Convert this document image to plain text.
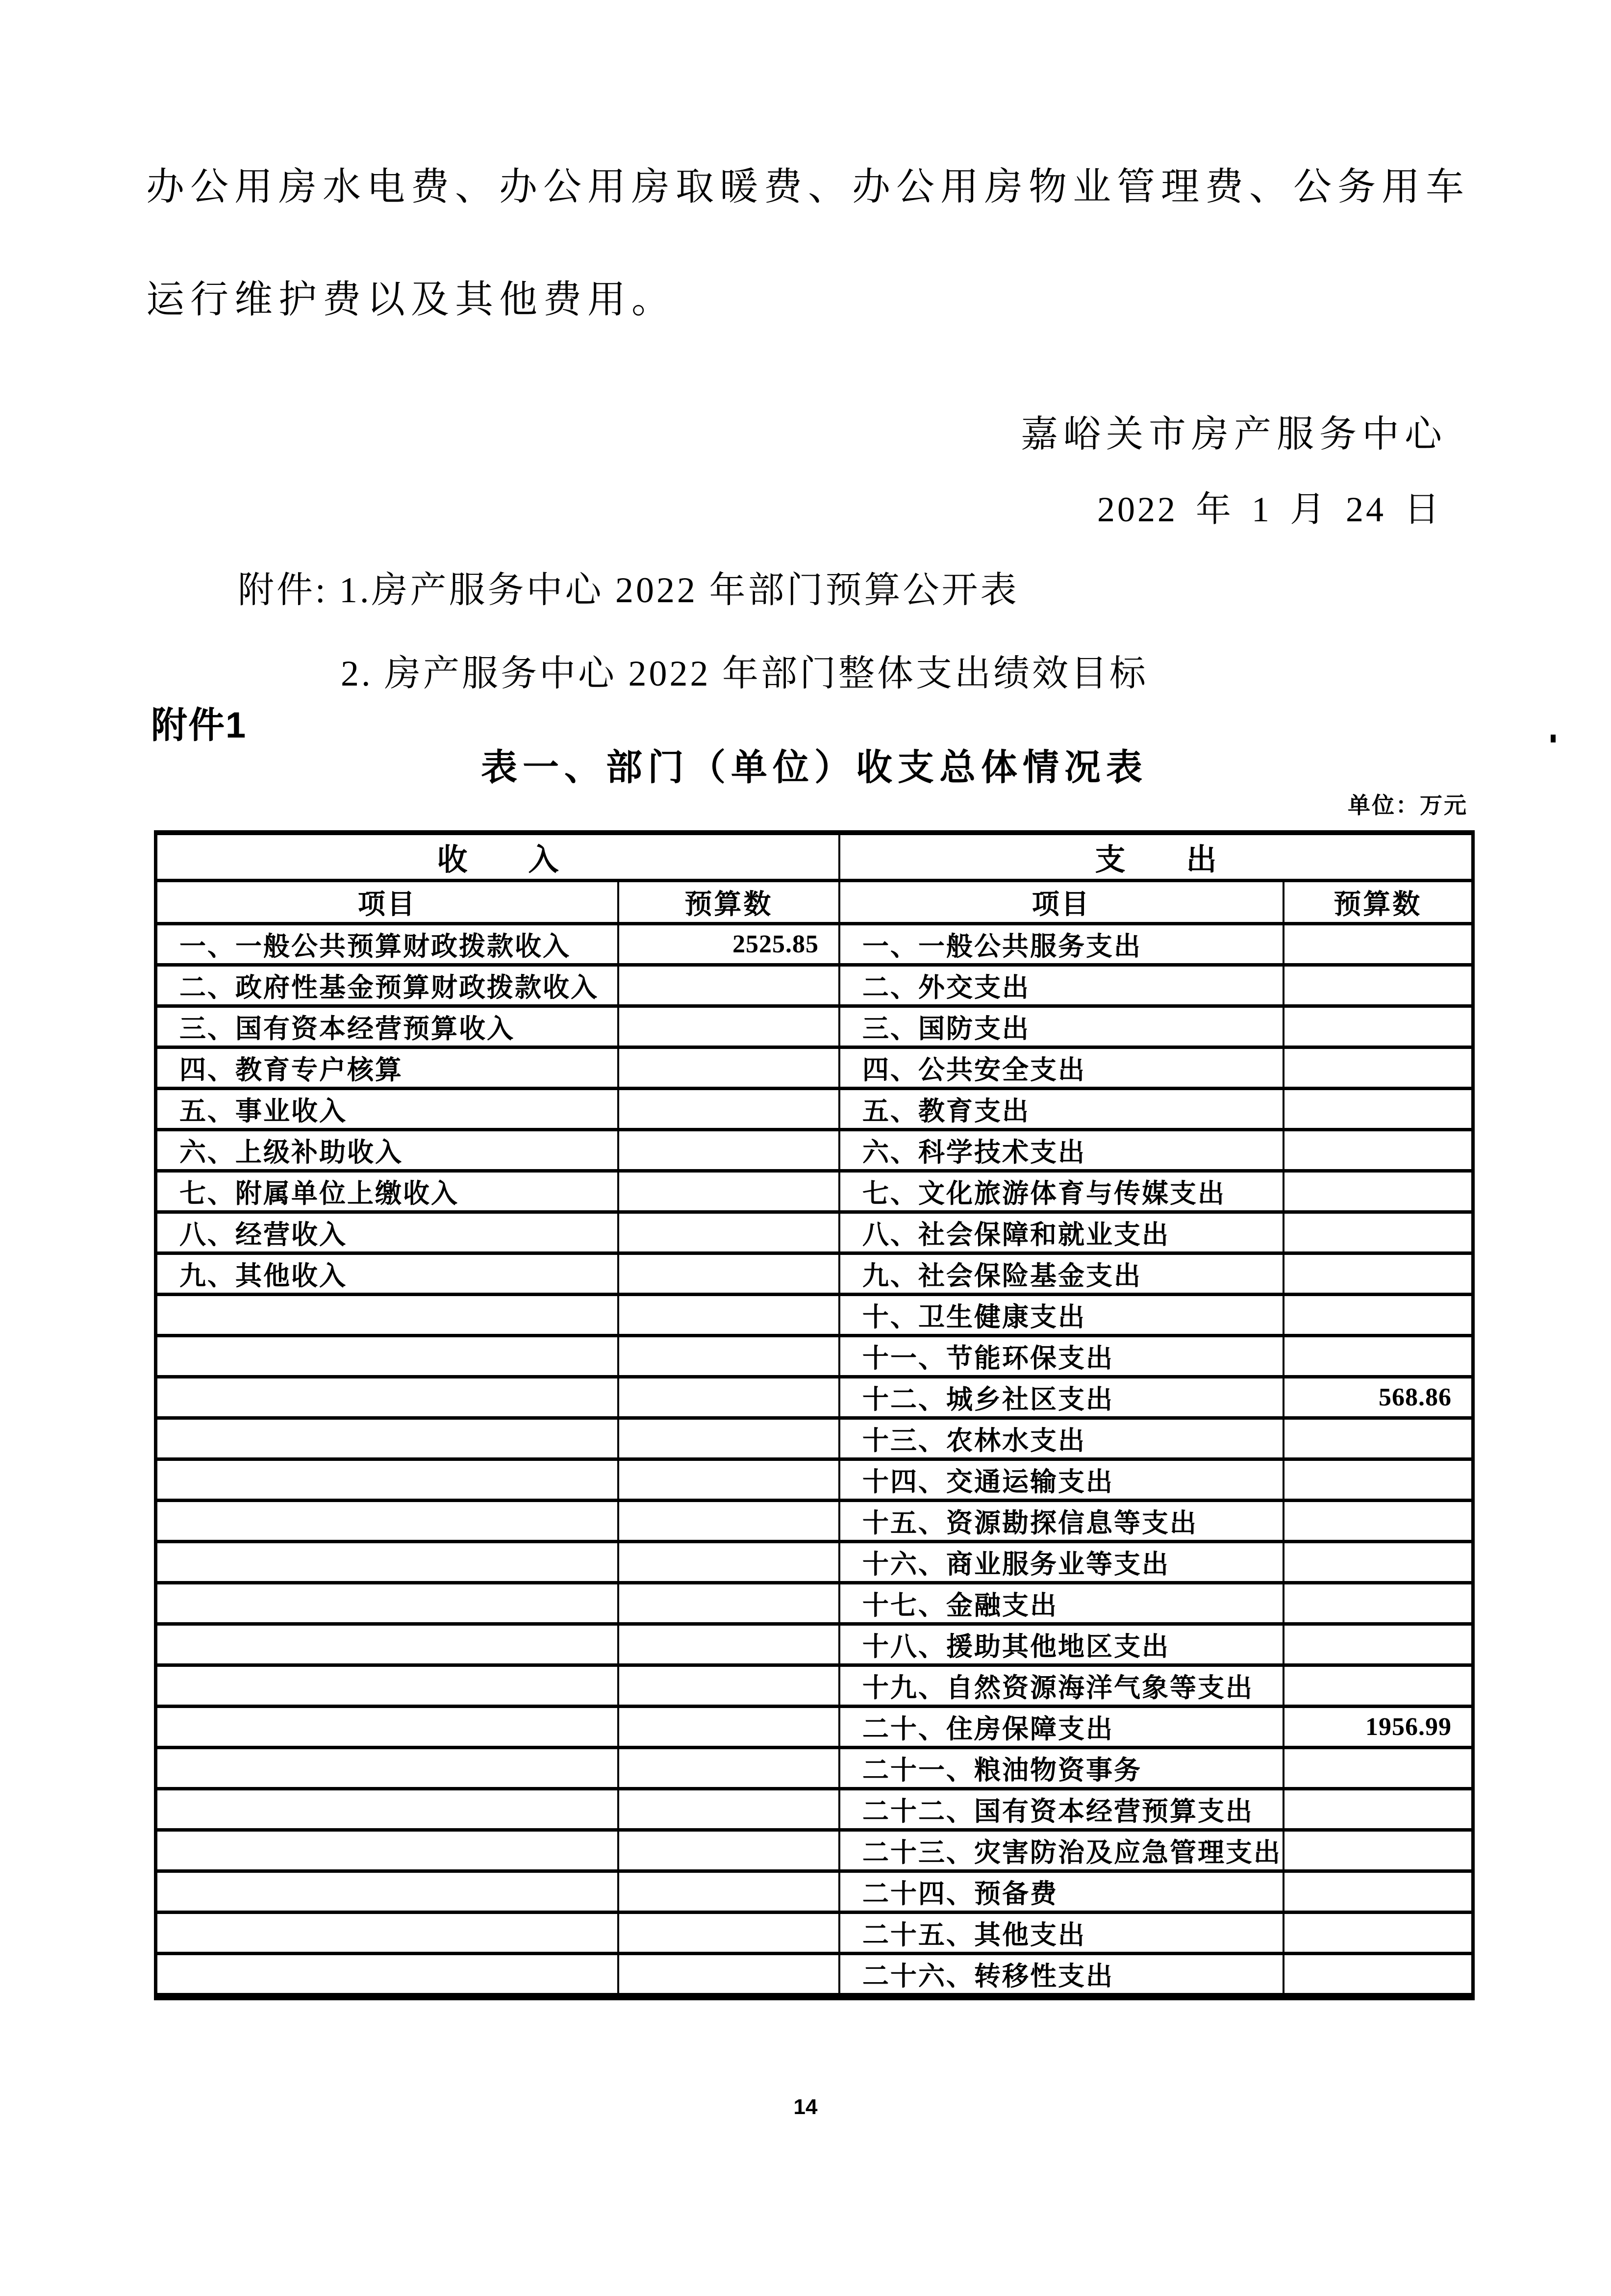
办公用房水电费、办公用房取暖费、办公用房物业管理费、公务用车
运行维护费以及其他费用。
嘉峪关市房产服务中心
2022 年 1 月 24 日
附件: 1.房产服务中心 2022 年部门预算公开表
2. 房产服务中心 2022 年部门整体支出绩效目标
附件1
表一、部门（单位）收支总体情况表
单位：万元
收　　入		支　　出	
项目	预算数	项目	预算数
一、一般公共预算财政拨款收入	2525.85	一、一般公共服务支出	
二、政府性基金预算财政拨款收入		二、外交支出	
三、国有资本经营预算收入		三、国防支出	
四、教育专户核算		四、公共安全支出	
五、事业收入		五、教育支出	
六、上级补助收入		六、科学技术支出	
七、附属单位上缴收入		七、文化旅游体育与传媒支出	
八、经营收入		八、社会保障和就业支出	
九、其他收入		九、社会保险基金支出	
		十、卫生健康支出	
		十一、节能环保支出	
		十二、城乡社区支出	568.86
		十三、农林水支出	
		十四、交通运输支出	
		十五、资源勘探信息等支出	
		十六、商业服务业等支出	
		十七、金融支出	
		十八、援助其他地区支出	
		十九、自然资源海洋气象等支出	
		二十、住房保障支出	1956.99
		二十一、粮油物资事务	
		二十二、国有资本经营预算支出	
		二十三、灾害防治及应急管理支出	
		二十四、预备费	
		二十五、其他支出	
		二十六、转移性支出	
14
